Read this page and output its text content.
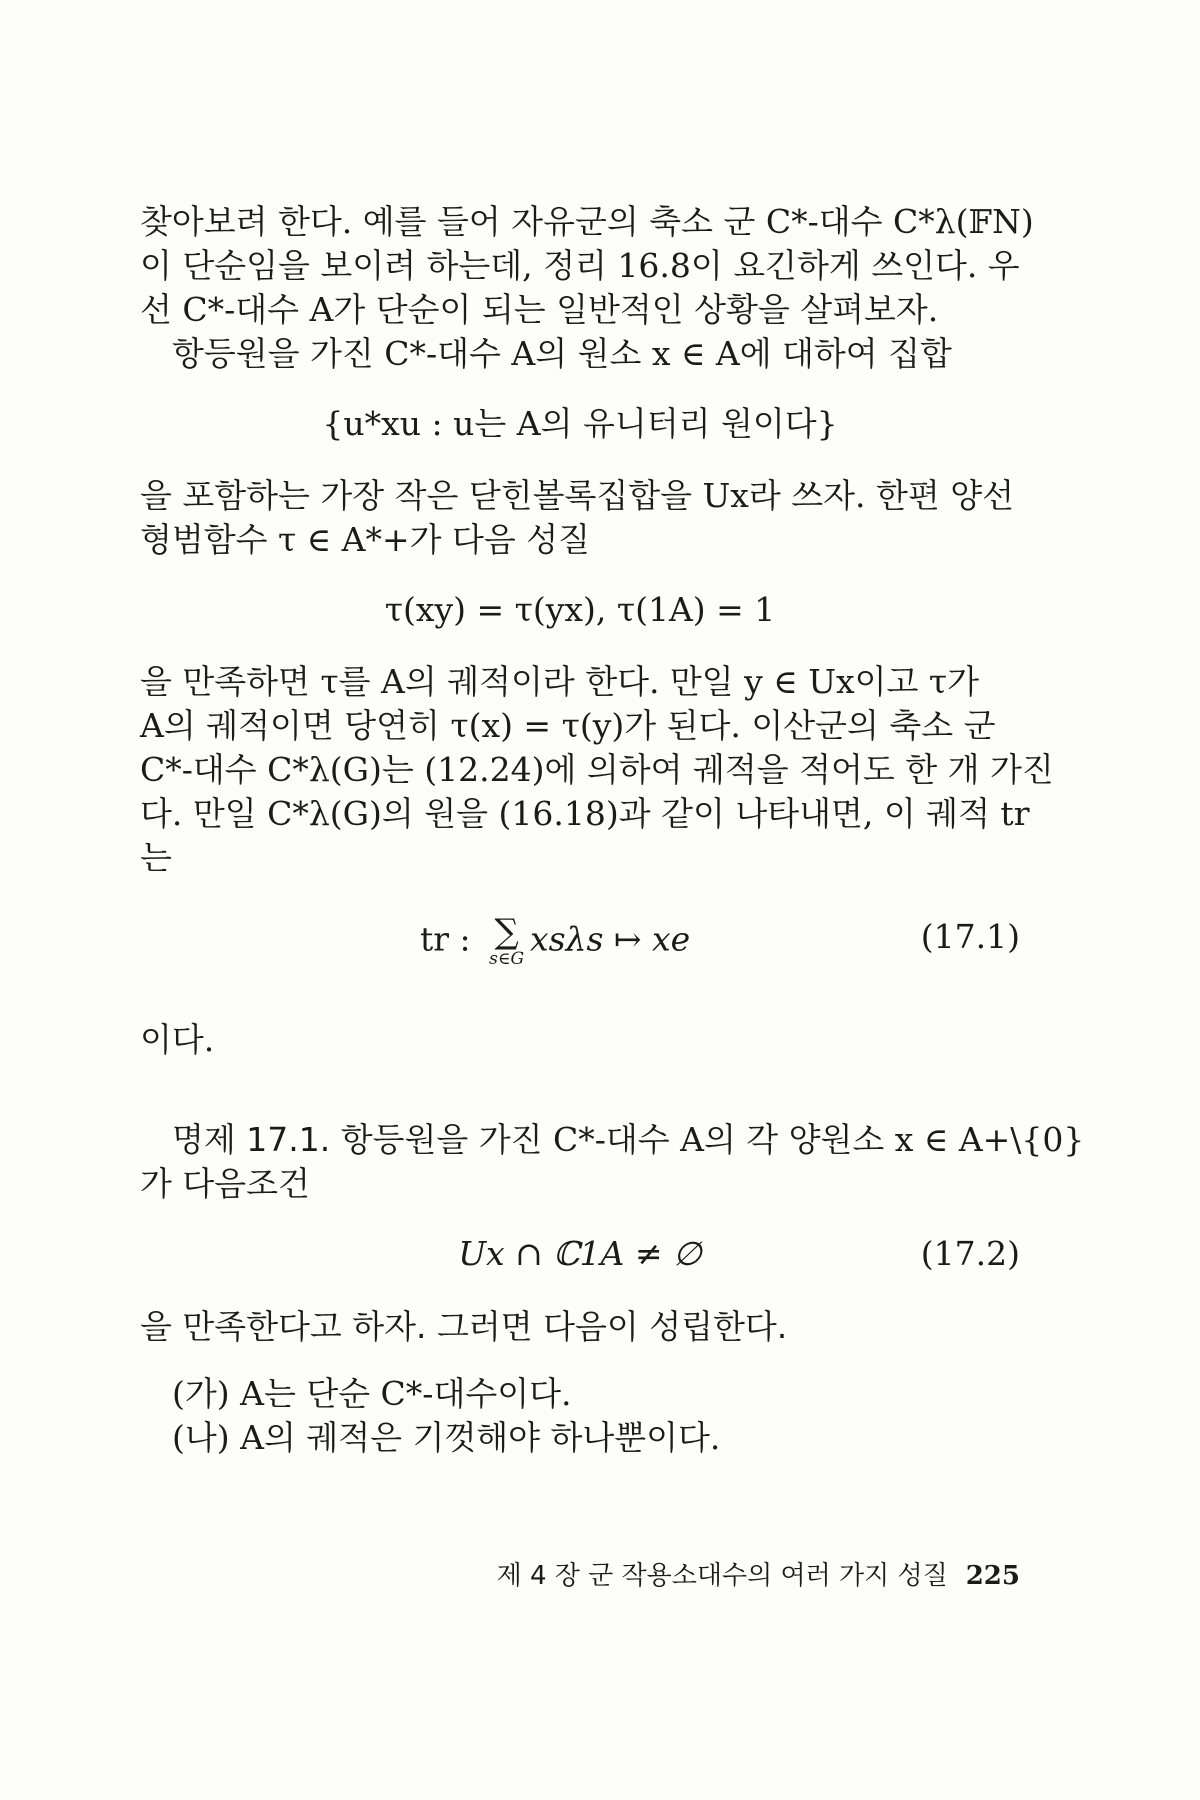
찾아보려 한다. 예를 들어 자유군의 축소 군 C*-대수 C*λ(𝔽N)
이 단순임을 보이려 하는데, 정리 16.8이 요긴하게 쓰인다. 우
선 C*-대수 A가 단순이 되는 일반적인 상황을 살펴보자.
항등원을 가진 C*-대수 A의 원소 x ∈ A에 대하여 집합
{u*xu : u는 A의 유니터리 원이다}
을 포함하는 가장 작은 닫힌볼록집합을 Ux라 쓰자. 한편 양선
형범함수 τ ∈ A*+가 다음 성질
τ(xy) = τ(yx), τ(1A) = 1
을 만족하면 τ를 A의 궤적이라 한다. 만일 y ∈ Ux이고 τ가
A의 궤적이면 당연히 τ(x) = τ(y)가 된다. 이산군의 축소 군
C*-대수 C*λ(G)는 (12.24)에 의하여 궤적을 적어도 한 개 가진
다. 만일 C*λ(G)의 원을 (16.18)과 같이 나타내면, 이 궤적 tr
는
tr : ∑
s∈G
xsλs ↦ xe	(17.1)
이다.
명제 17.1. 항등원을 가진 C*-대수 A의 각 양원소 x ∈ A+\{0}
가 다음조건
Ux ∩ ℂ1A ≠ ∅	(17.2)
을 만족한다고 하자. 그러면 다음이 성립한다.
(가) A는 단순 C*-대수이다.
(나) A의 궤적은 기껏해야 하나뿐이다.
제 4 장 군 작용소대수의 여러 가지 성질 225
